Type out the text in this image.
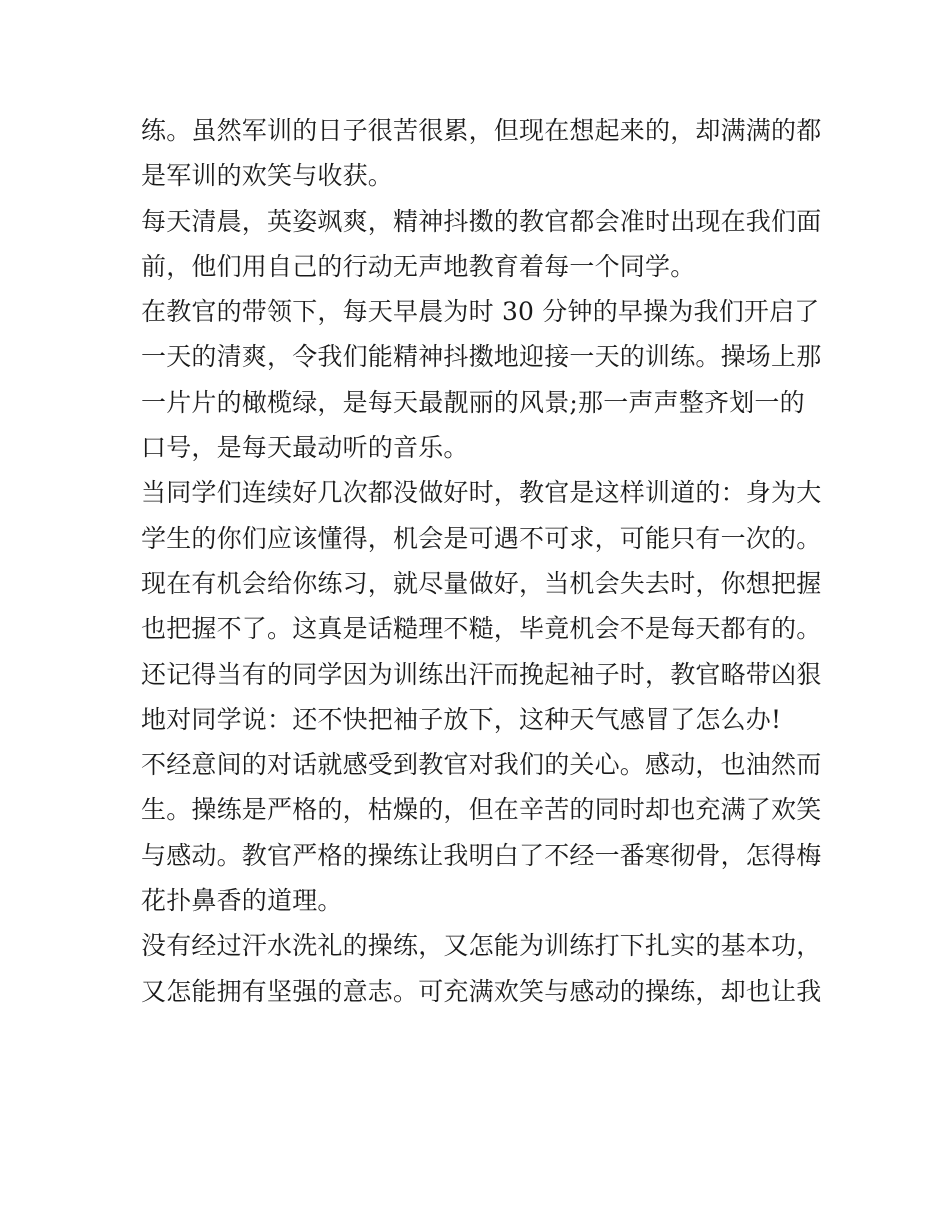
练。虽然军训的日子很苦很累，但现在想起来的，却满满的都
是军训的欢笑与收获。

每天清晨，英姿飒爽，精神抖擞的教官都会准时出现在我们面
前，他们用自己的行动无声地教育着每一个同学。

在教官的带领下，每天早晨为时 30 分钟的早操为我们开启了
一天的清爽，令我们能精神抖擞地迎接一天的训练。操场上那
一片片的橄榄绿，是每天最靓丽的风景;那一声声整齐划一的
口号，是每天最动听的音乐。

当同学们连续好几次都没做好时，教官是这样训道的：身为大
学生的你们应该懂得，机会是可遇不可求，可能只有一次的。
现在有机会给你练习，就尽量做好，当机会失去时，你想把握
也把握不了。这真是话糙理不糙，毕竟机会不是每天都有的。

还记得当有的同学因为训练出汗而挽起袖子时，教官略带凶狠
地对同学说：还不快把袖子放下，这种天气感冒了怎么办!

不经意间的对话就感受到教官对我们的关心。感动，也油然而
生。操练是严格的，枯燥的，但在辛苦的同时却也充满了欢笑
与感动。教官严格的操练让我明白了不经一番寒彻骨，怎得梅
花扑鼻香的道理。

没有经过汗水洗礼的操练，又怎能为训练打下扎实的基本功，
又怎能拥有坚强的意志。可充满欢笑与感动的操练，却也让我
